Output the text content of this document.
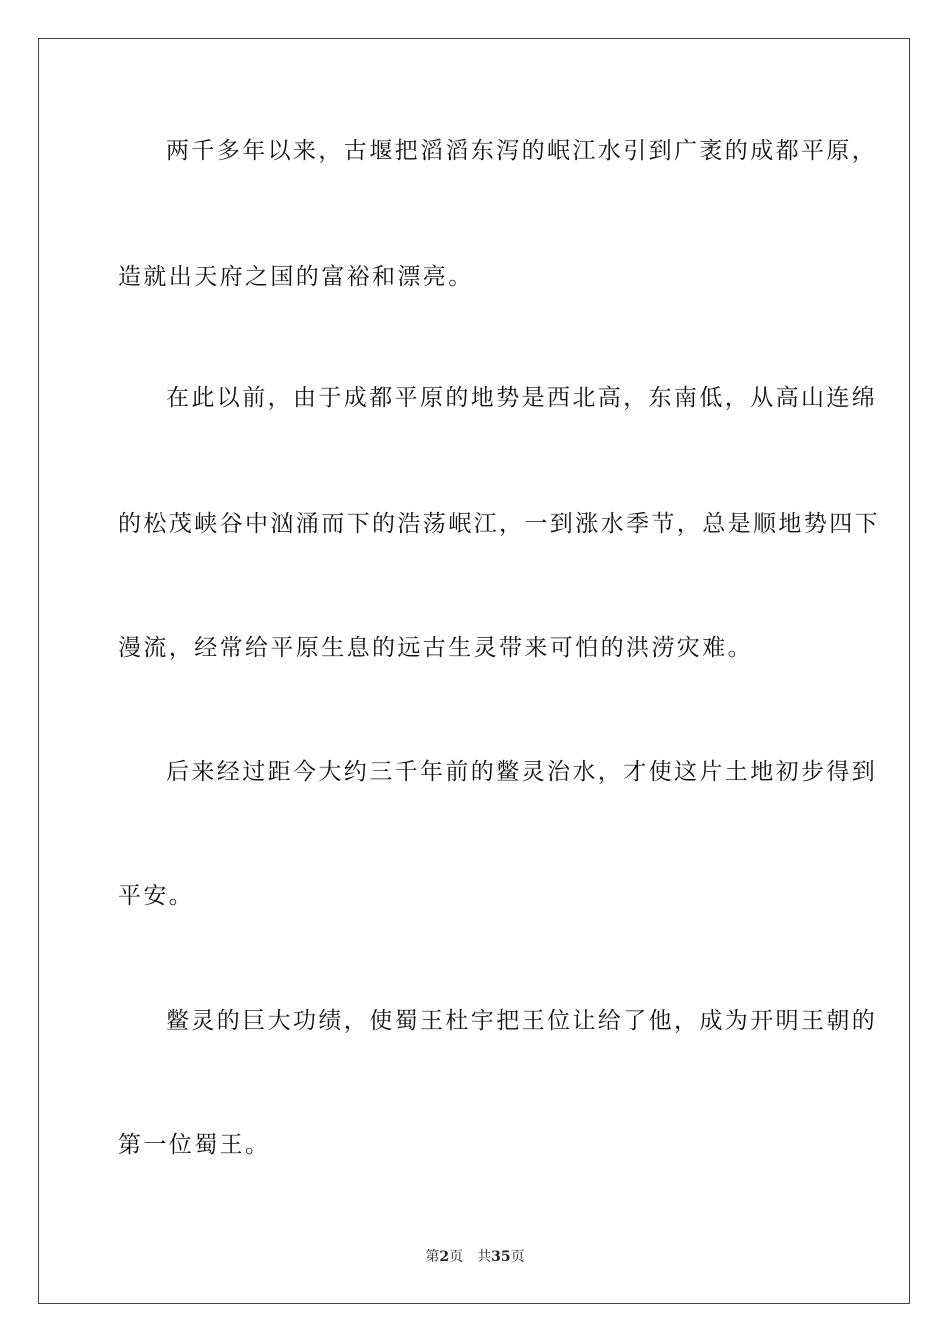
两千多年以来，古堰把滔滔东泻的岷江水引到广袤的成都平原，
造就出天府之国的富裕和漂亮。
在此以前，由于成都平原的地势是西北高，东南低，从高山连绵
的松茂峡谷中汹涌而下的浩荡岷江，一到涨水季节，总是顺地势四下
漫流，经常给平原生息的远古生灵带来可怕的洪涝灾难。
后来经过距今大约三千年前的鳖灵治水，才使这片土地初步得到
平安。
鳖灵的巨大功绩，使蜀王杜宇把王位让给了他，成为开明王朝的
第一位蜀王。
第2页 共35页
